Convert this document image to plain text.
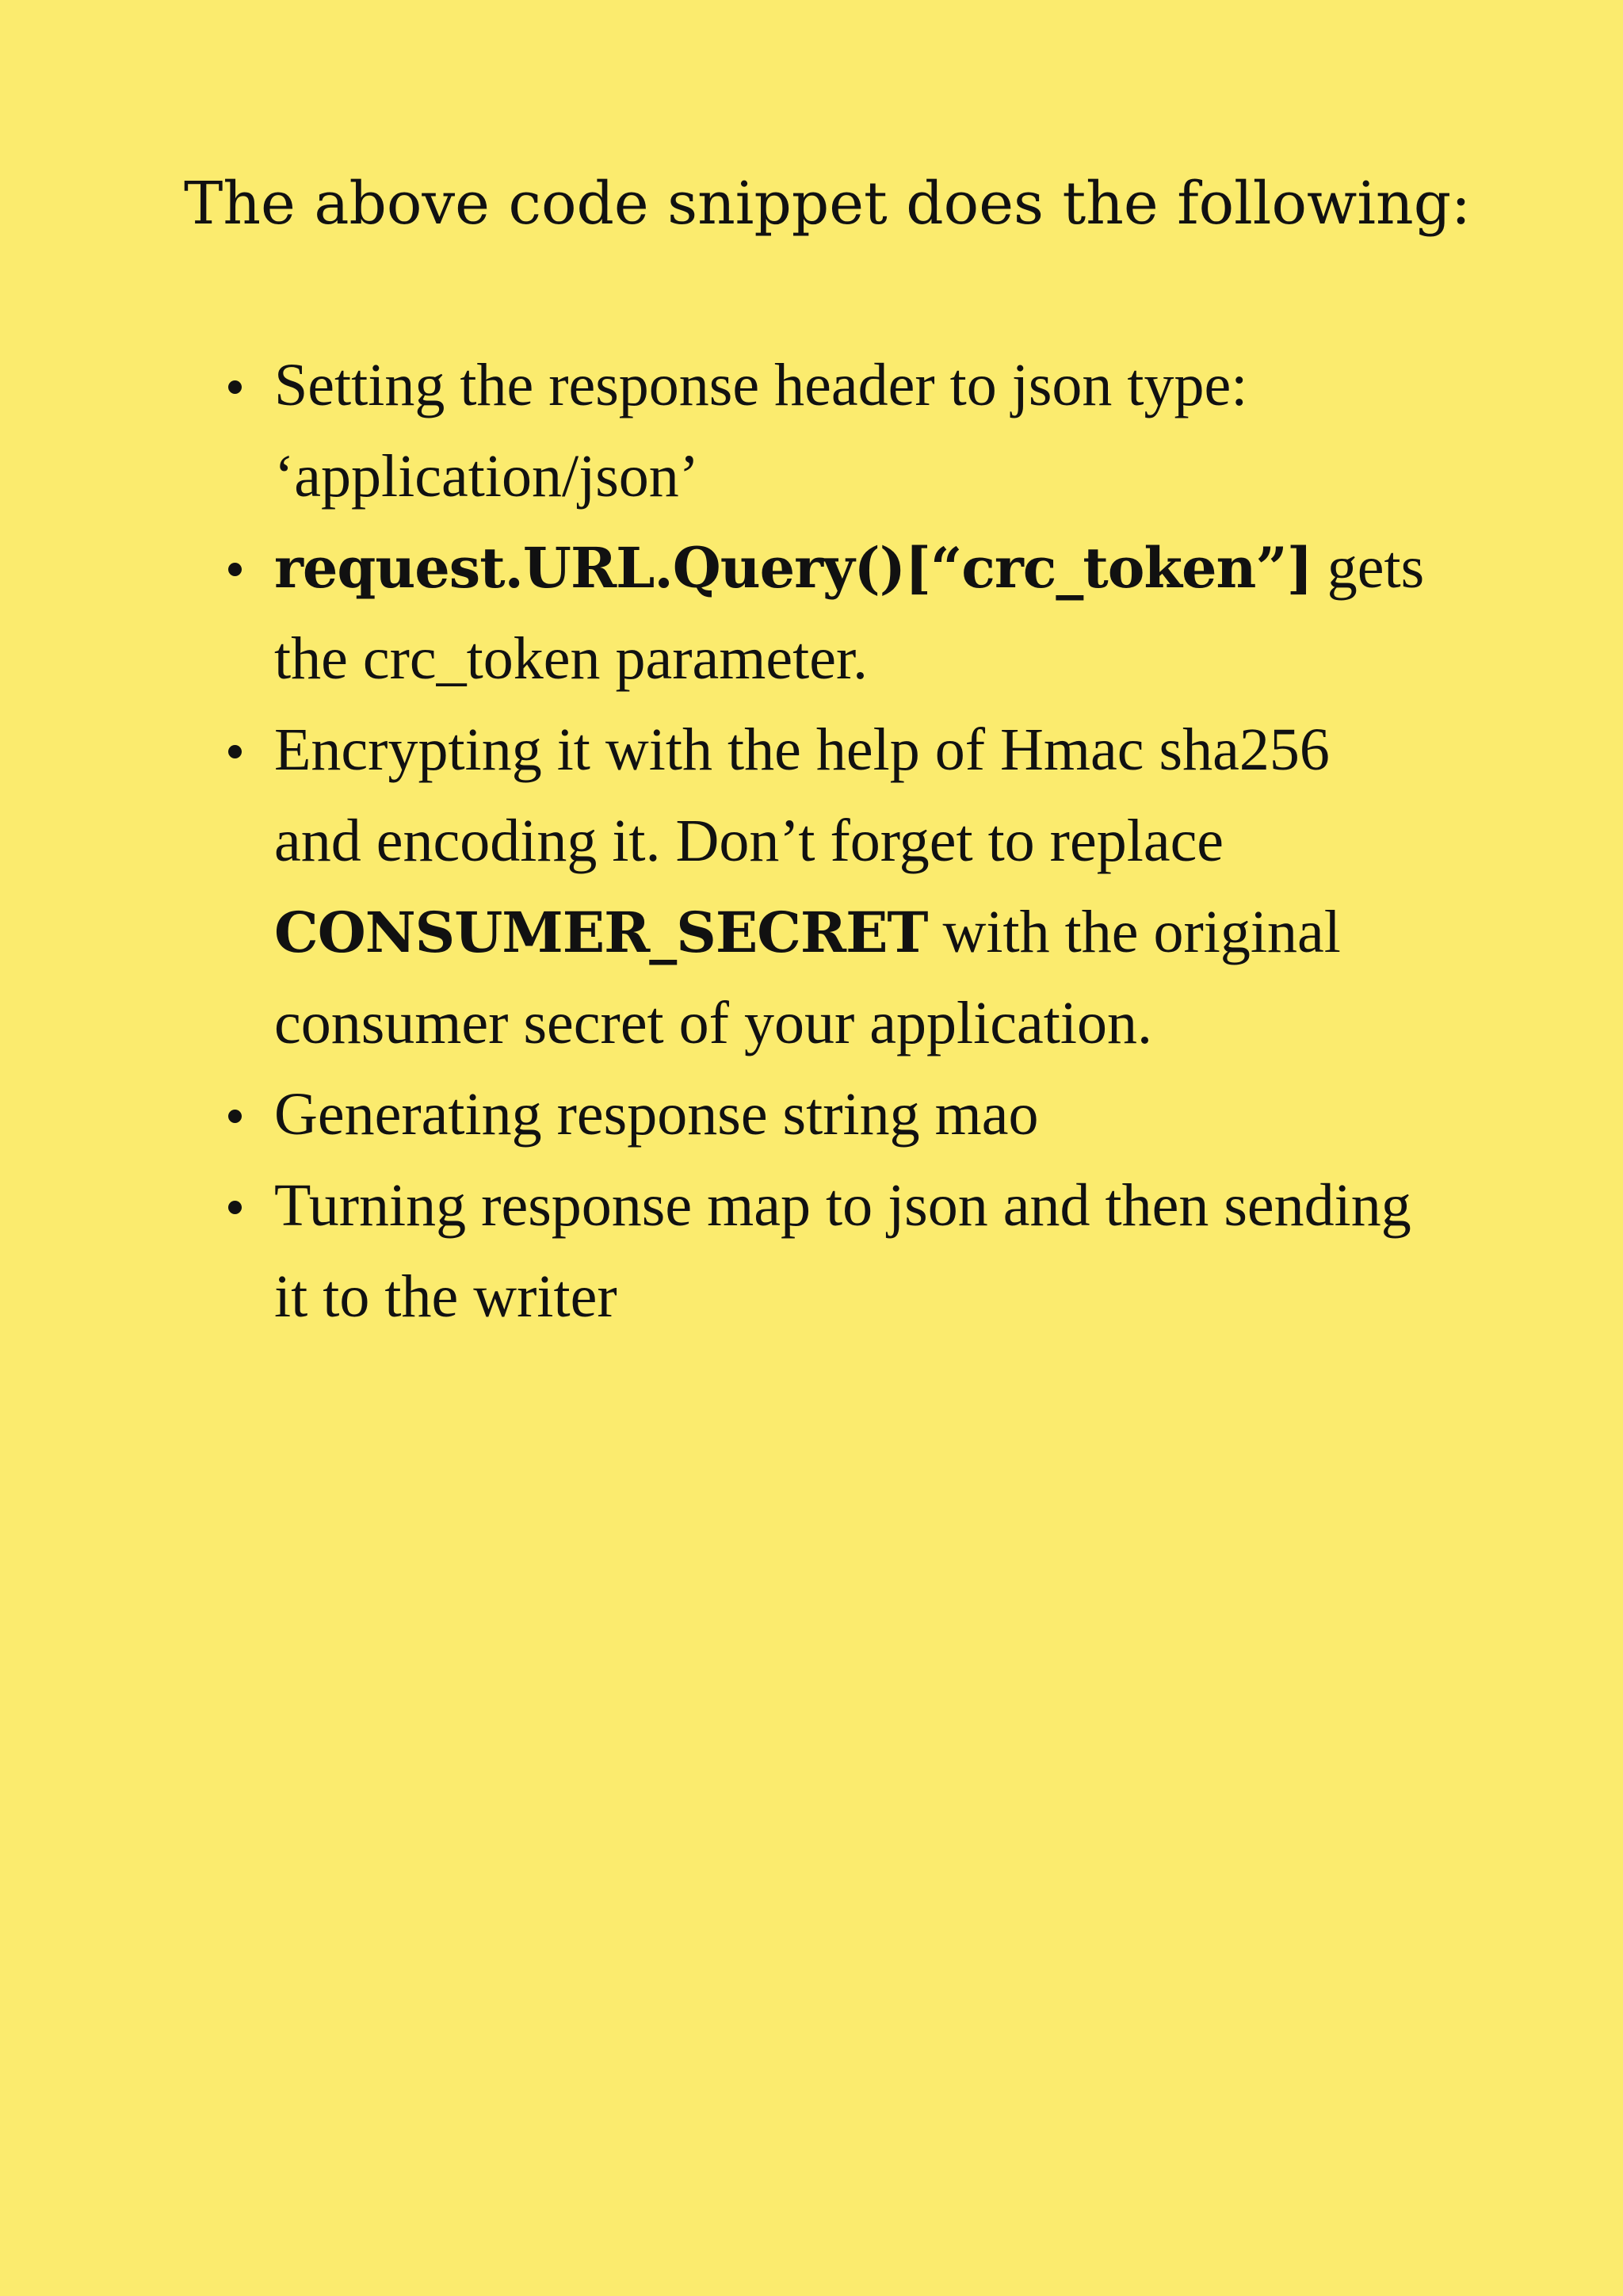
The above code snippet does the following:

Setting the response header to json type: ‘application/json’
request.URL.Query()[“crc_token”] gets the crc_token parameter.
Encrypting it with the help of Hmac sha256 and encoding it. Don’t forget to replace CONSUMER_SECRET with the original consumer secret of your application.
Generating response string mao
Turning response map to json and then sending it to the writer
